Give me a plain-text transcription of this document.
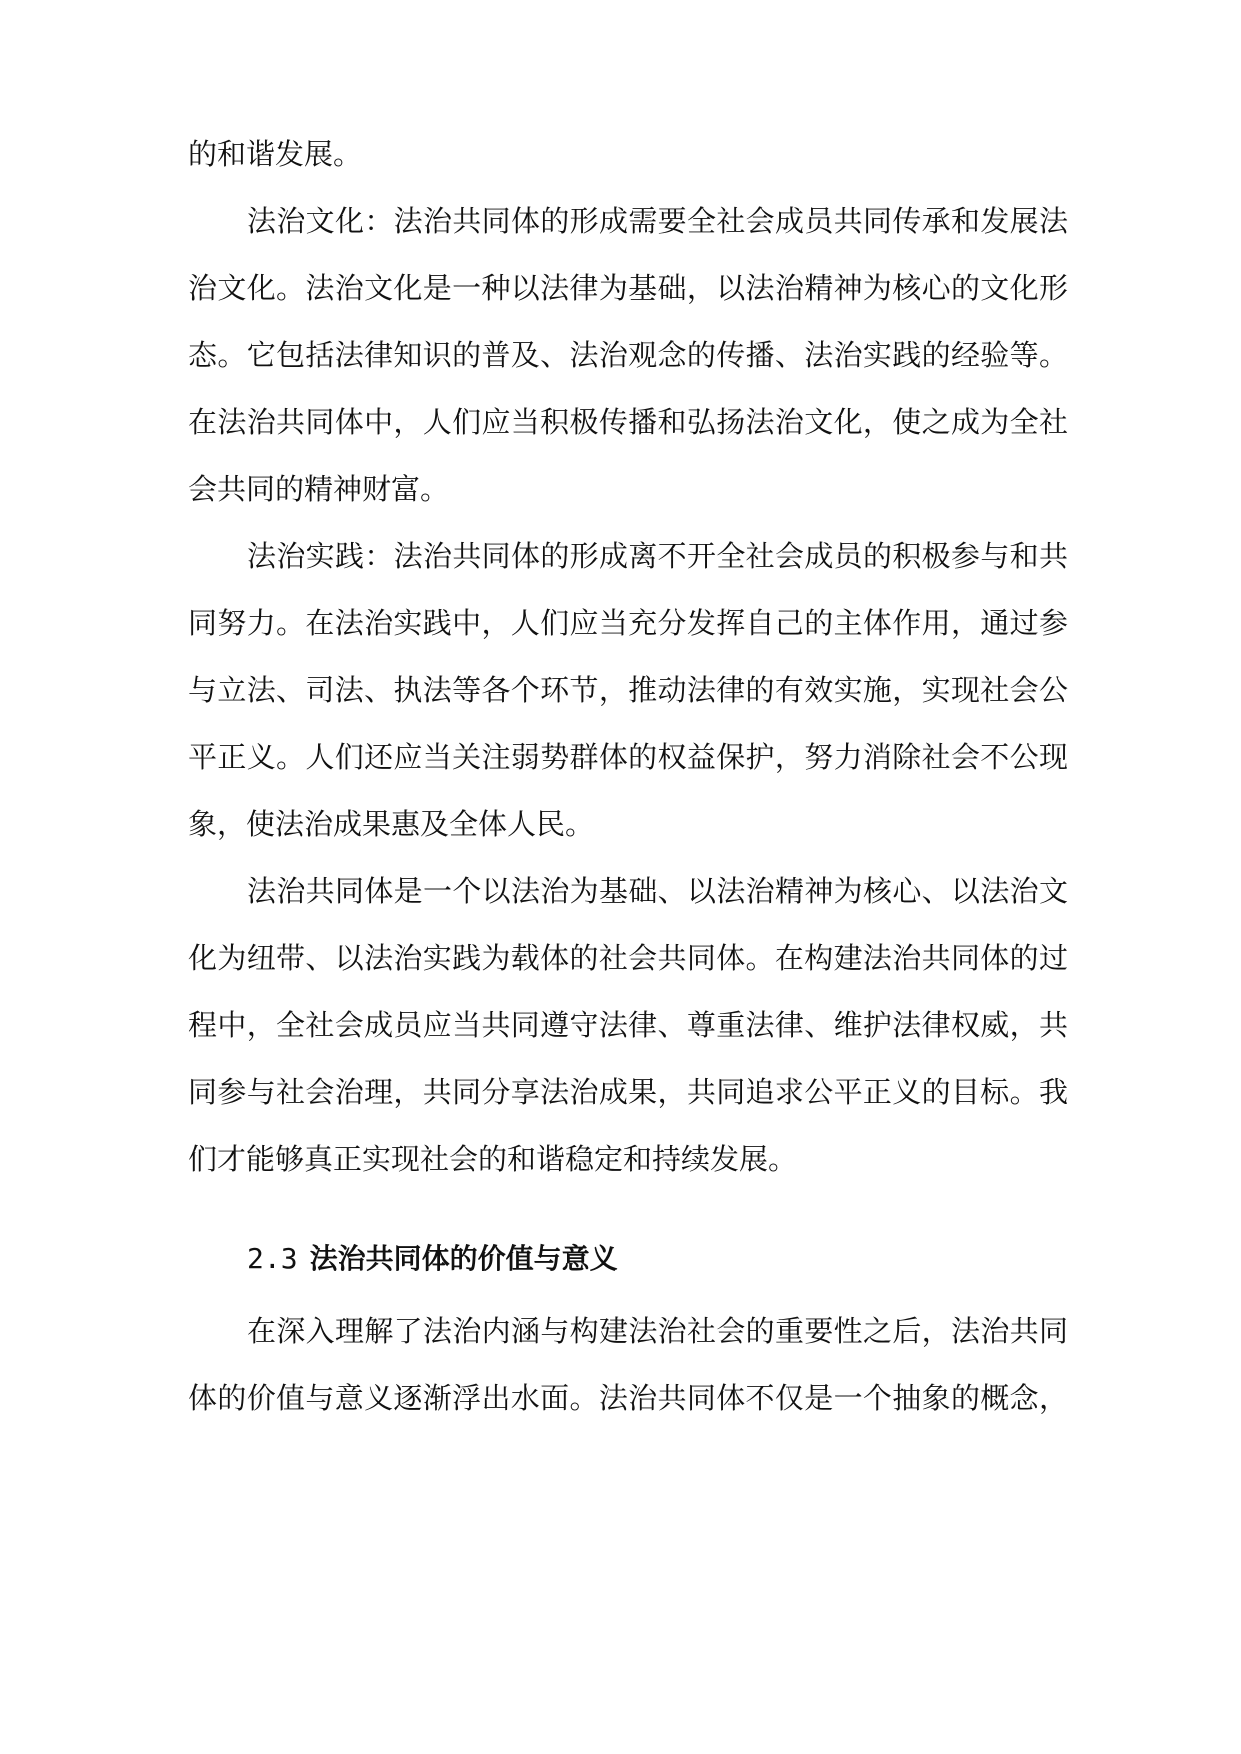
的和谐发展。
法治文化：法治共同体的形成需要全社会成员共同传承和发展法
治文化。法治文化是一种以法律为基础，以法治精神为核心的文化形
态。它包括法律知识的普及、法治观念的传播、法治实践的经验等。
在法治共同体中，人们应当积极传播和弘扬法治文化，使之成为全社
会共同的精神财富。
法治实践：法治共同体的形成离不开全社会成员的积极参与和共
同努力。在法治实践中，人们应当充分发挥自己的主体作用，通过参
与立法、司法、执法等各个环节，推动法律的有效实施，实现社会公
平正义。人们还应当关注弱势群体的权益保护，努力消除社会不公现
象，使法治成果惠及全体人民。
法治共同体是一个以法治为基础、以法治精神为核心、以法治文
化为纽带、以法治实践为载体的社会共同体。在构建法治共同体的过
程中，全社会成员应当共同遵守法律、尊重法律、维护法律权威，共
同参与社会治理，共同分享法治成果，共同追求公平正义的目标。我
们才能够真正实现社会的和谐稳定和持续发展。
2.3 法治共同体的价值与意义
在深入理解了法治内涵与构建法治社会的重要性之后，法治共同
体的价值与意义逐渐浮出水面。法治共同体不仅是一个抽象的概念，
